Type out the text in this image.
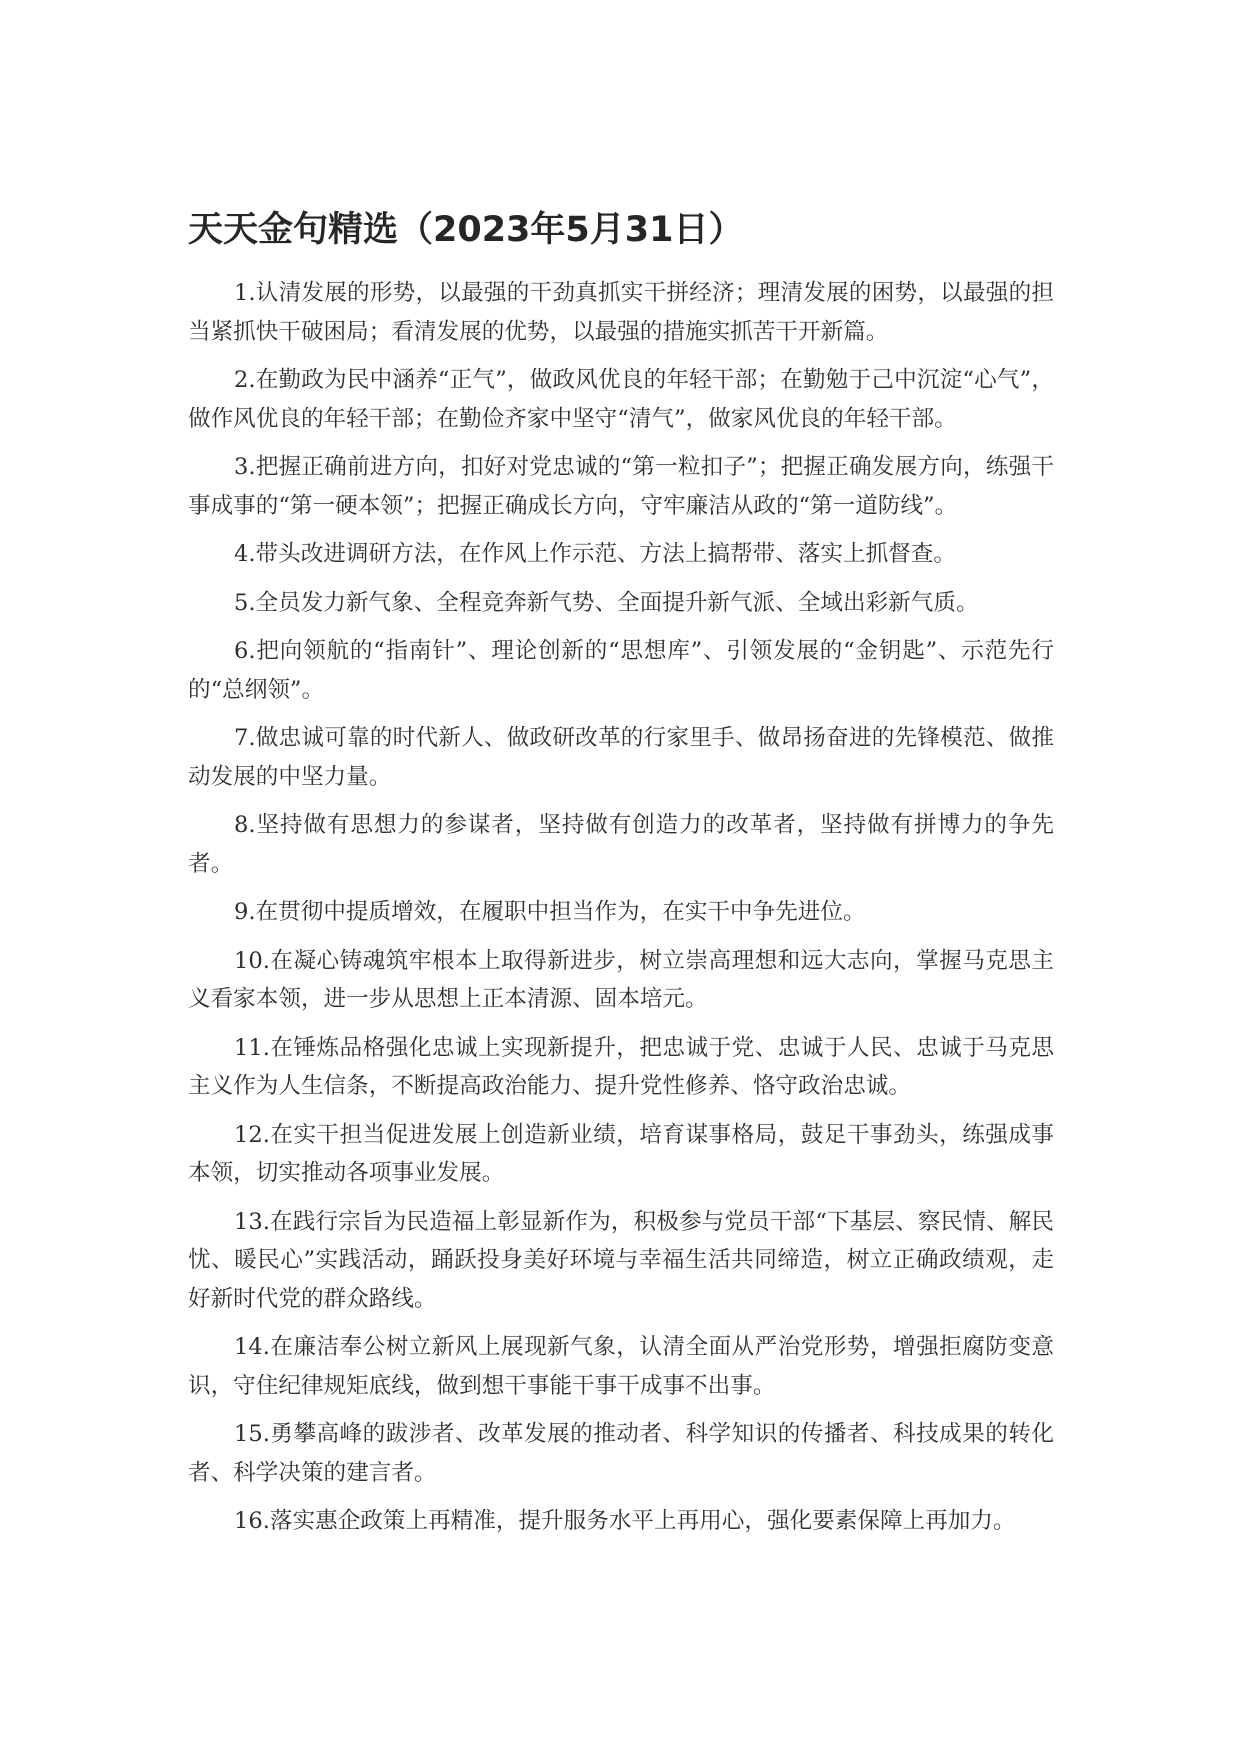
天天金句精选（2023年5月31日）

1.认清发展的形势，以最强的干劲真抓实干拼经济；理清发展的困势，以最强的担当紧抓快干破困局；看清发展的优势，以最强的措施实抓苦干开新篇。

2.在勤政为民中涵养“正气”，做政风优良的年轻干部；在勤勉于己中沉淀“心气”，做作风优良的年轻干部；在勤俭齐家中坚守“清气”，做家风优良的年轻干部。

3.把握正确前进方向，扣好对党忠诚的“第一粒扣子”；把握正确发展方向，练强干事成事的“第一硬本领”；把握正确成长方向，守牢廉洁从政的“第一道防线”。

4.带头改进调研方法，在作风上作示范、方法上搞帮带、落实上抓督查。

5.全员发力新气象、全程竞奔新气势、全面提升新气派、全域出彩新气质。

6.把向领航的“指南针”、理论创新的“思想库”、引领发展的“金钥匙”、示范先行的“总纲领”。

7.做忠诚可靠的时代新人、做政研改革的行家里手、做昂扬奋进的先锋模范、做推动发展的中坚力量。

8.坚持做有思想力的参谋者，坚持做有创造力的改革者，坚持做有拼博力的争先者。

9.在贯彻中提质增效，在履职中担当作为，在实干中争先进位。

10.在凝心铸魂筑牢根本上取得新进步，树立崇高理想和远大志向，掌握马克思主义看家本领，进一步从思想上正本清源、固本培元。

11.在锤炼品格强化忠诚上实现新提升，把忠诚于党、忠诚于人民、忠诚于马克思主义作为人生信条，不断提高政治能力、提升党性修养、恪守政治忠诚。

12.在实干担当促进发展上创造新业绩，培育谋事格局，鼓足干事劲头，练强成事本领，切实推动各项事业发展。

13.在践行宗旨为民造福上彰显新作为，积极参与党员干部“下基层、察民情、解民忧、暖民心”实践活动，踊跃投身美好环境与幸福生活共同缔造，树立正确政绩观，走好新时代党的群众路线。

14.在廉洁奉公树立新风上展现新气象，认清全面从严治党形势，增强拒腐防变意识，守住纪律规矩底线，做到想干事能干事干成事不出事。

15.勇攀高峰的跋涉者、改革发展的推动者、科学知识的传播者、科技成果的转化者、科学决策的建言者。

16.落实惠企政策上再精准，提升服务水平上再用心，强化要素保障上再加力。
